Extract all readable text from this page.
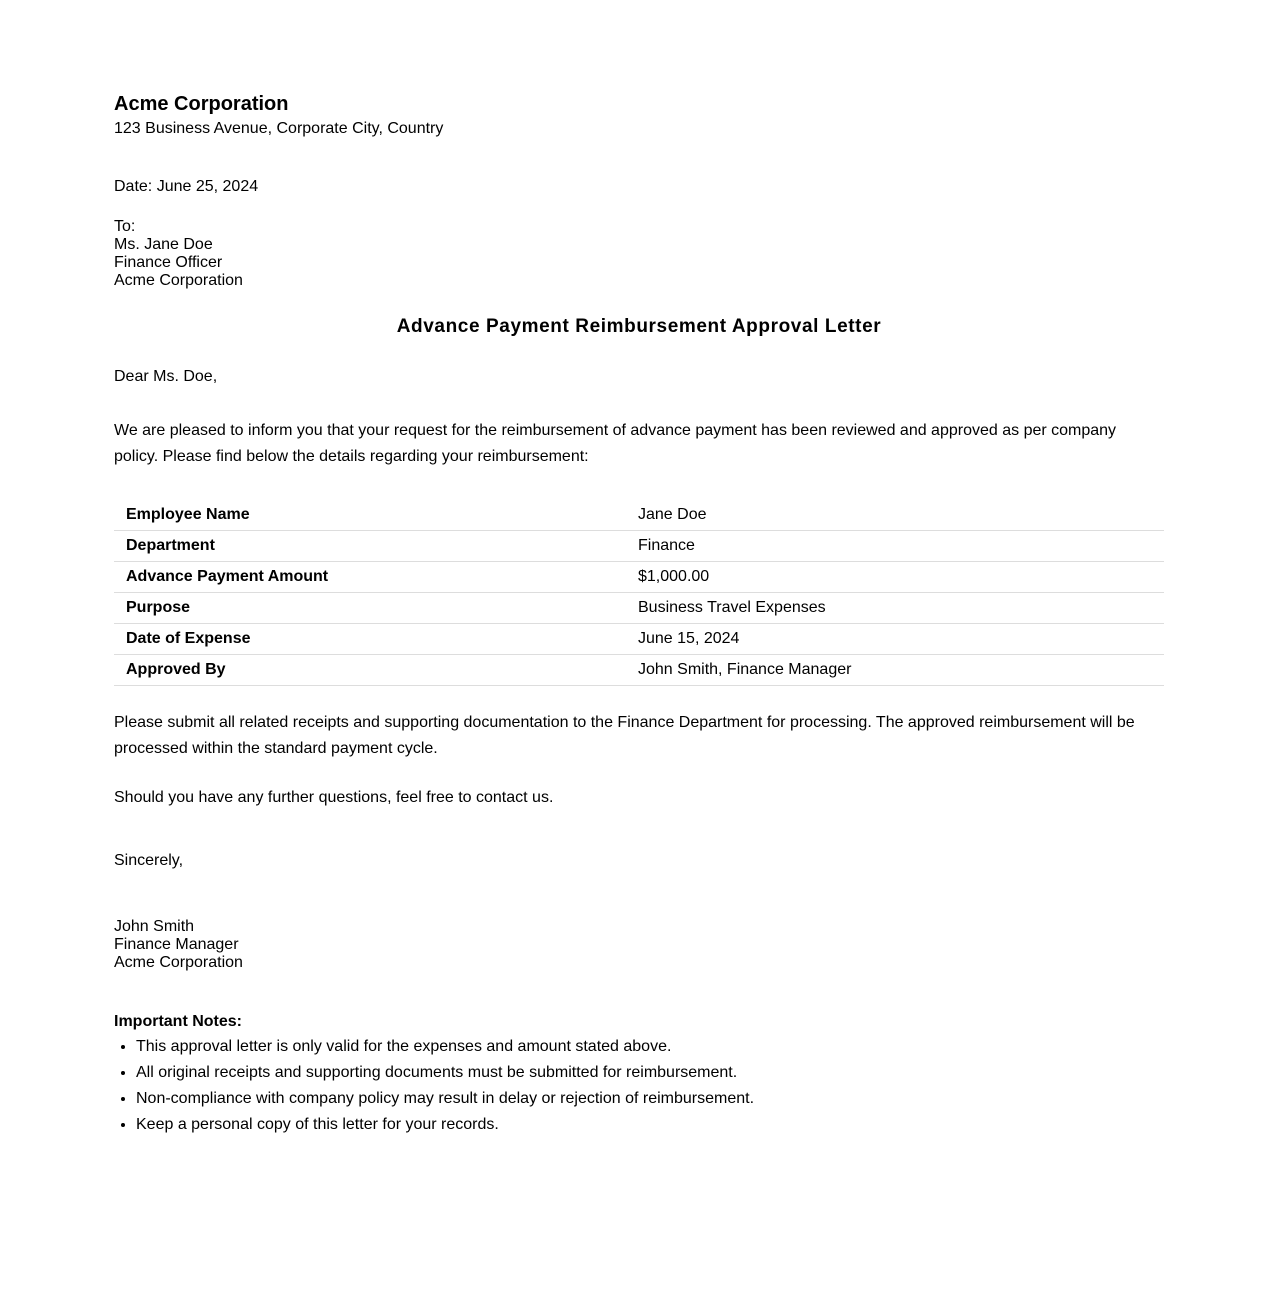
Acme Corporation

123 Business Avenue, Corporate City, Country

Date: June 25, 2024
To:
Ms. Jane Doe
Finance Officer
Acme Corporation
Advance Payment Reimbursement Approval Letter
Dear Ms. Doe,
We are pleased to inform you that your request for the reimbursement of advance payment has been reviewed and approved as per company policy. Please find below the details regarding your reimbursement:
Employee Name	Jane Doe
Department	Finance
Advance Payment Amount	$1,000.00
Purpose	Business Travel Expenses
Date of Expense	June 15, 2024
Approved By	John Smith, Finance Manager
Please submit all related receipts and supporting documentation to the Finance Department for processing. The approved reimbursement will be processed within the standard payment cycle.
Should you have any further questions, feel free to contact us.
Sincerely,
John Smith
Finance Manager
Acme Corporation
Important Notes:
• This approval letter is only valid for the expenses and amount stated above.
• All original receipts and supporting documents must be submitted for reimbursement.
• Non-compliance with company policy may result in delay or rejection of reimbursement.
• Keep a personal copy of this letter for your records.
